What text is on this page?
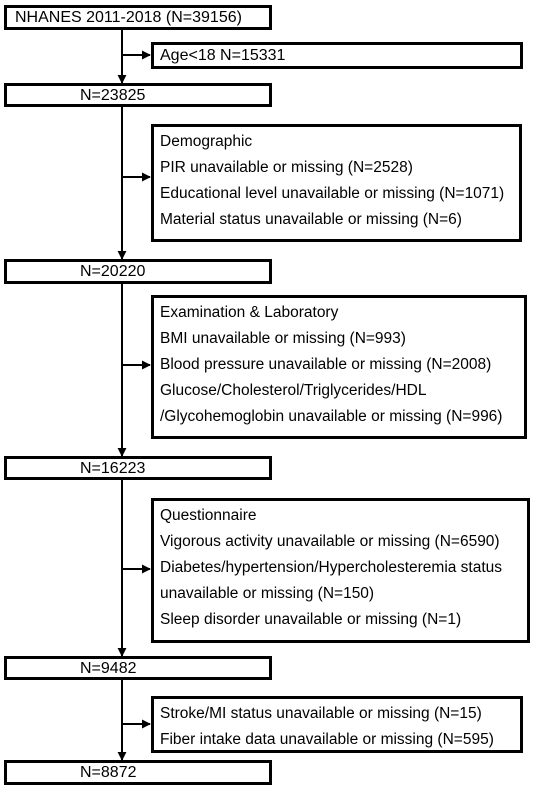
NHANES 2011-2018 (N=39156)
N=23825
N=20220
N=16223
N=9482
N=8872
Age<18 N=15331
Demographic
PIR unavailable or missing (N=2528)
Educational level unavailable or missing (N=1071)
Material status unavailable or missing (N=6)
Examination & Laboratory
BMI unavailable or missing (N=993)
Blood pressure unavailable or missing (N=2008)
Glucose/Cholesterol/Triglycerides/HDL
/Glycohemoglobin unavailable or missing (N=996)
Questionnaire
Vigorous activity unavailable or missing (N=6590)
Diabetes/hypertension/Hypercholesteremia status
unavailable or missing (N=150)
Sleep disorder unavailable or missing (N=1)
Stroke/MI status unavailable or missing (N=15)
Fiber intake data unavailable or missing (N=595)
